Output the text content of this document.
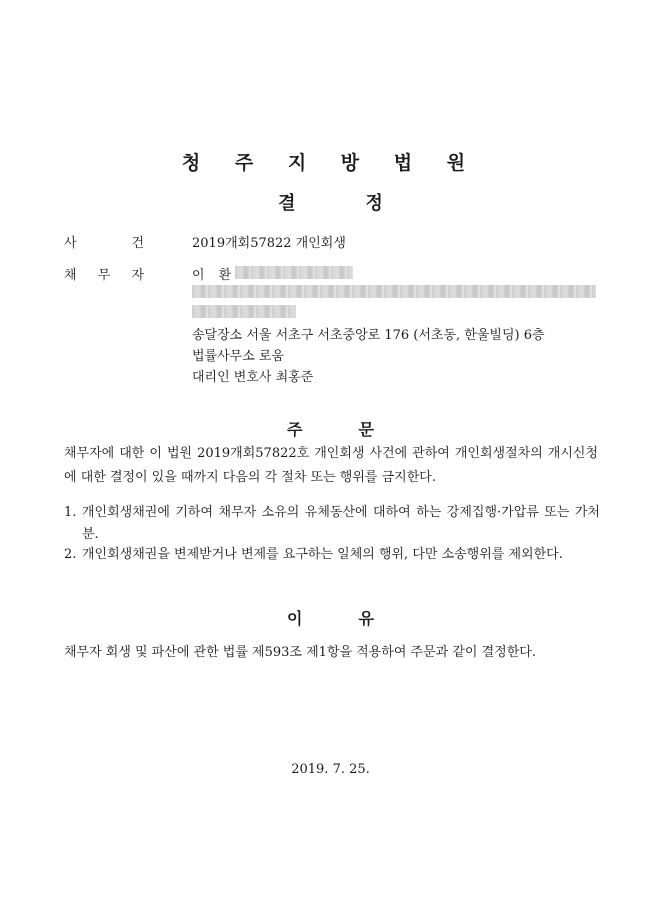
청 주 지 방 법 원
결	정
사	건	2019개회57822 개인회생
채 무 자	이 환
송달장소 서울 서초구 서초중앙로 176 (서초동, 한울빌딩) 6층
법률사무소 로움
대리인 변호사 최홍준
주	문
채무자에 대한 이 법원 2019개회57822호 개인회생 사건에 관하여 개인회생절차의 개시신청에 대한 결정이 있을 때까지 다음의 각 절차 또는 행위를 금지한다.
1. 개인회생채권에 기하여 채무자 소유의 유체동산에 대하여 하는 강제집행·가압류 또는 가처분.
2. 개인회생채권을 변제받거나 변제를 요구하는 일체의 행위, 다만 소송행위를 제외한다.
이	유
채무자 회생 및 파산에 관한 법률 제593조 제1항을 적용하여 주문과 같이 결정한다.
2019. 7. 25.
